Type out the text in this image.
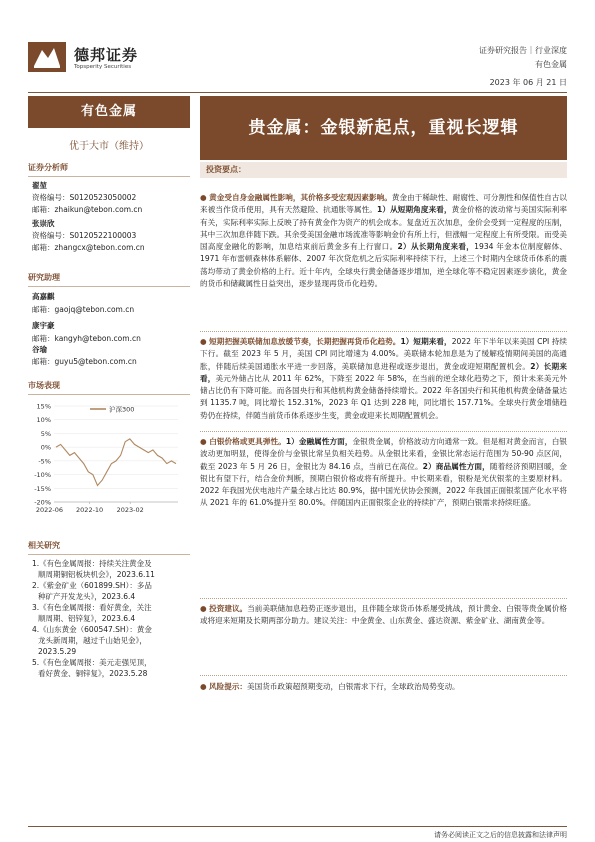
德邦证券
Topsperity Securities
证券研究报告｜行业深度
有色金属
2023 年 06 月 21 日
有色金属
优于大市（维持）
证券分析师
翟堃
资格编号：S0120523050002
邮箱：zhaikun@tebon.com.cn
张崇欣
资格编号：S0120522100003
邮箱：zhangcx@tebon.com.cn
研究助理
高嘉麒
邮箱：gaojq@tebon.com.cn
康宇豪
邮箱：kangyh@tebon.com.cn
谷瑜
邮箱：guyu5@tebon.com.cn
市场表现
15%
10%
5%
0%
-5%
-10%
-15%
-20%
2022-06 2022-10 2023-02
沪深300
相关研究
1.《有色金属周报：持续关注黄金及
顺周期铜铝板块机会》，2023.6.11
2.《紫金矿业（601899.SH）：多品
种矿产开发龙头》，2023.6.4
3.《有色金属周报：看好黄金，关注
顺周期、铝锌复》，2023.6.4
4.《山东黄金（600547.SH）：黄金
龙头新周期，越过千山始见金》，
2023.5.29
5.《有色金属周报：美元走强见顶，
看好黄金、铜锌复》，2023.5.28
贵金属：金银新起点，重视长逻辑
投资要点：
● 黄金受自身金融属性影响，其价格多受宏观因素影响。黄金由于稀缺性、耐腐性、可分割性和保值性自古以来被当作货币使用，具有天然避险、抗通胀等属性。1）从短期角度来看，黄金价格的波动常与美国实际利率有关，实际利率实际上反映了持有黄金作为资产的机会成本。复盘近五次加息，金价会受到一定程度的压制，其中三次加息伴随下跌。其余受美国金融市场流准等影响金价有所上行，但涨幅一定程度上有所受限。而受美国高度金融化的影响，加息结束前后黄金多有上行窗口。2）从长期角度来看，1934 年金本位制度解体、1971 年布雷顿森林体系解体、2007 年次贷危机之后实际利率持续下行，上述三个时期内全球货币体系的震荡均带动了黄金价格的上行。近十年内，全球央行黄金储备逐步增加，逆全球化等不稳定因素逐步演化，黄金的货币和储藏属性日益突出，逐步显现再货币化趋势。
● 短期把握美联储加息放缓节奏，长期把握再货币化趋势。1）短期来看，2022 年下半年以来美国 CPI 持续下行。截至 2023 年 5 月，美国 CPI 同比增速为 4.00%。美联储本轮加息是为了缓解疫情期间美国的高通胀，伴随后续美国通胀水平进一步回落，美联储加息进程或逐步退出，黄金或迎短期配置机会。2）长期来看，美元外储占比从 2011 年 62%，下降至 2022 年 58%，在当前的逆全球化趋势之下，预计未来美元外储占比仍有下降可能。而各国央行和其他机构黄金储备持续增长。2022 年各国央行和其他机构黄金储备量达到 1135.7 吨，同比增长 152.31%，2023 年 Q1 达到 228 吨，同比增长 157.71%。全球央行黄金增储趋势仍在持续，伴随当前货币体系逐步生变，黄金或迎来长周期配置机会。
● 白银价格或更具弹性。1）金融属性方面，金银贵金属，价格波动方向通常一致。但是相对黄金而言，白银波动更加明显，使得金价与金银比常呈负相关趋势。从金银比来看，金银比常态运行范围为 50-90 点区间，截至 2023 年 5 月 26 日，金银比为 84.16 点，当前已在高位。2）商品属性方面，随着经济预期回暖，金银比有望下行，结合金价判断，预期白银价格或将有所提升。中长期来看，银粉是光伏银浆的主要原材料。2022 年我国光伏电池片产量全球占比达 80.9%，据中国光伏协会预测，2022 年我国正面银浆国产化水平将从 2021 年的 61.0%提升至 80.0%。伴随国内正面银浆企业的持续扩产，预期白银需求持续旺盛。
● 投资建议。当前美联储加息趋势正逐步退出，且伴随全球货币体系屡受挑战，预计黄金、白银等贵金属价格或将迎来短期及长期两部分助力。建议关注：中金黄金、山东黄金、盛达资源、紫金矿业、湖南黄金等。
● 风险提示：美国货币政策超预期变动，白银需求下行，全球政治局势变动。
请务必阅读正文之后的信息披露和法律声明
